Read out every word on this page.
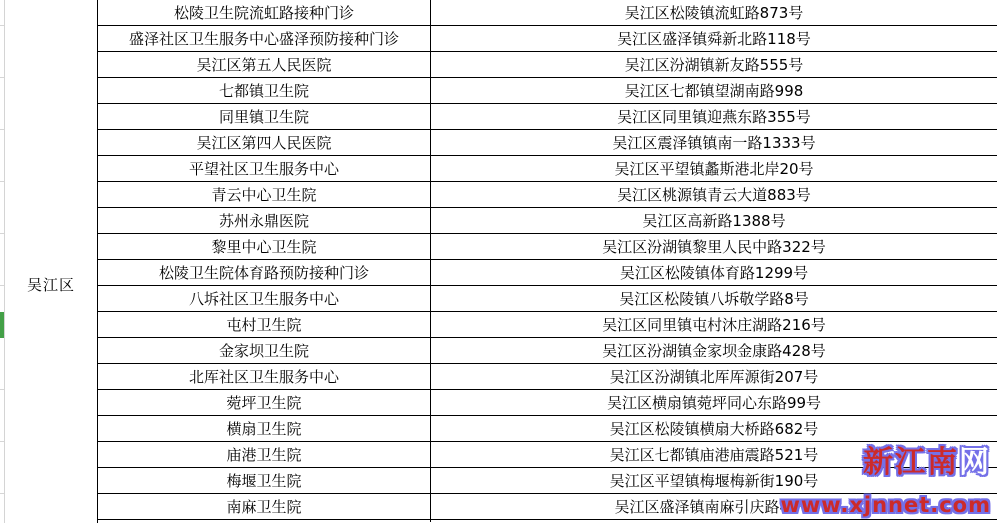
吴江区
松陵卫生院流虹路接种门诊	吴江区松陵镇流虹路873号
盛泽社区卫生服务中心盛泽预防接种门诊	吴江区盛泽镇舜新北路118号
吴江区第五人民医院	吴江区汾湖镇新友路555号
七都镇卫生院	吴江区七都镇望湖南路998
同里镇卫生院	吴江区同里镇迎燕东路355号
吴江区第四人民医院	吴江区震泽镇镇南一路1333号
平望社区卫生服务中心	吴江区平望镇蠡斯港北岸20号
青云中心卫生院	吴江区桃源镇青云大道883号
苏州永鼎医院	吴江区高新路1388号
黎里中心卫生院	吴江区汾湖镇黎里人民中路322号
松陵卫生院体育路预防接种门诊	吴江区松陵镇体育路1299号
八坼社区卫生服务中心	吴江区松陵镇八坼敬学路8号
屯村卫生院	吴江区同里镇屯村沐庄湖路216号
金家坝卫生院	吴江区汾湖镇金家坝金康路428号
北厍社区卫生服务中心	吴江区汾湖镇北厍厍源街207号
菀坪卫生院	吴江区横扇镇菀坪同心东路99号
横扇卫生院	吴江区松陵镇横扇大桥路682号
庙港卫生院	吴江区七都镇庙港庙震路521号
梅堰卫生院	吴江区平望镇梅堰梅新街190号
南麻卫生院	吴江区盛泽镇南麻引庆路44号
新江南网
www.xjnnet.com
